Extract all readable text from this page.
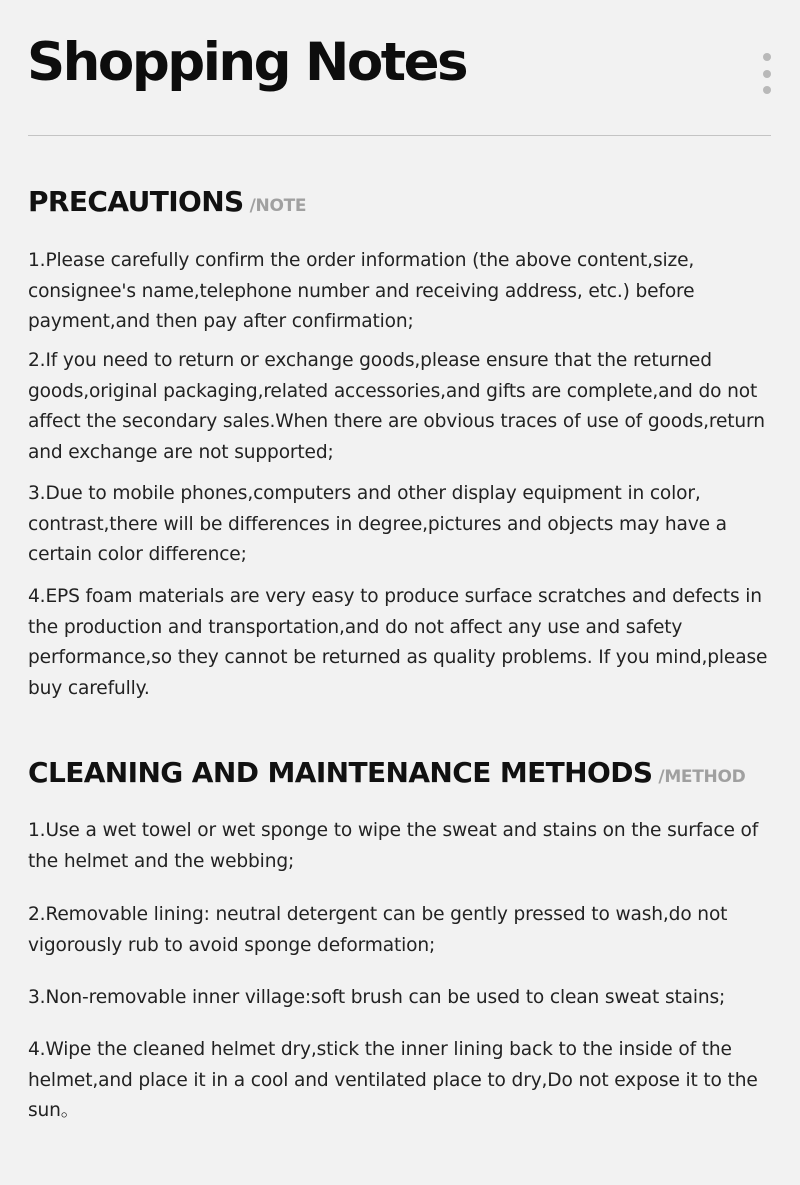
Shopping Notes
PRECAUTIONS /NOTE

1.Please carefully confirm the order information (the above content,size, consignee's name,telephone number and receiving address, etc.) before payment,and then pay after confirmation;

2.If you need to return or exchange goods,please ensure that the returned goods,original packaging,related accessories,and gifts are complete,and do not affect the secondary sales.When there are obvious traces of use of goods,return and exchange are not supported;

3.Due to mobile phones,computers and other display equipment in color, contrast,there will be differences in degree,pictures and objects may have a certain color difference;

4.EPS foam materials are very easy to produce surface scratches and defects in the production and transportation,and do not affect any use and safety performance,so they cannot be returned as quality problems. If you mind,please buy carefully.

CLEANING AND MAINTENANCE METHODS /METHOD

1.Use a wet towel or wet sponge to wipe the sweat and stains on the surface of the helmet and the webbing;

2.Removable lining: neutral detergent can be gently pressed to wash,do not vigorously rub to avoid sponge deformation;

3.Non-removable inner village:soft brush can be used to clean sweat stains;

4.Wipe the cleaned helmet dry,stick the inner lining back to the inside of the helmet,and place it in a cool and ventilated place to dry,Do not expose it to the sun。
